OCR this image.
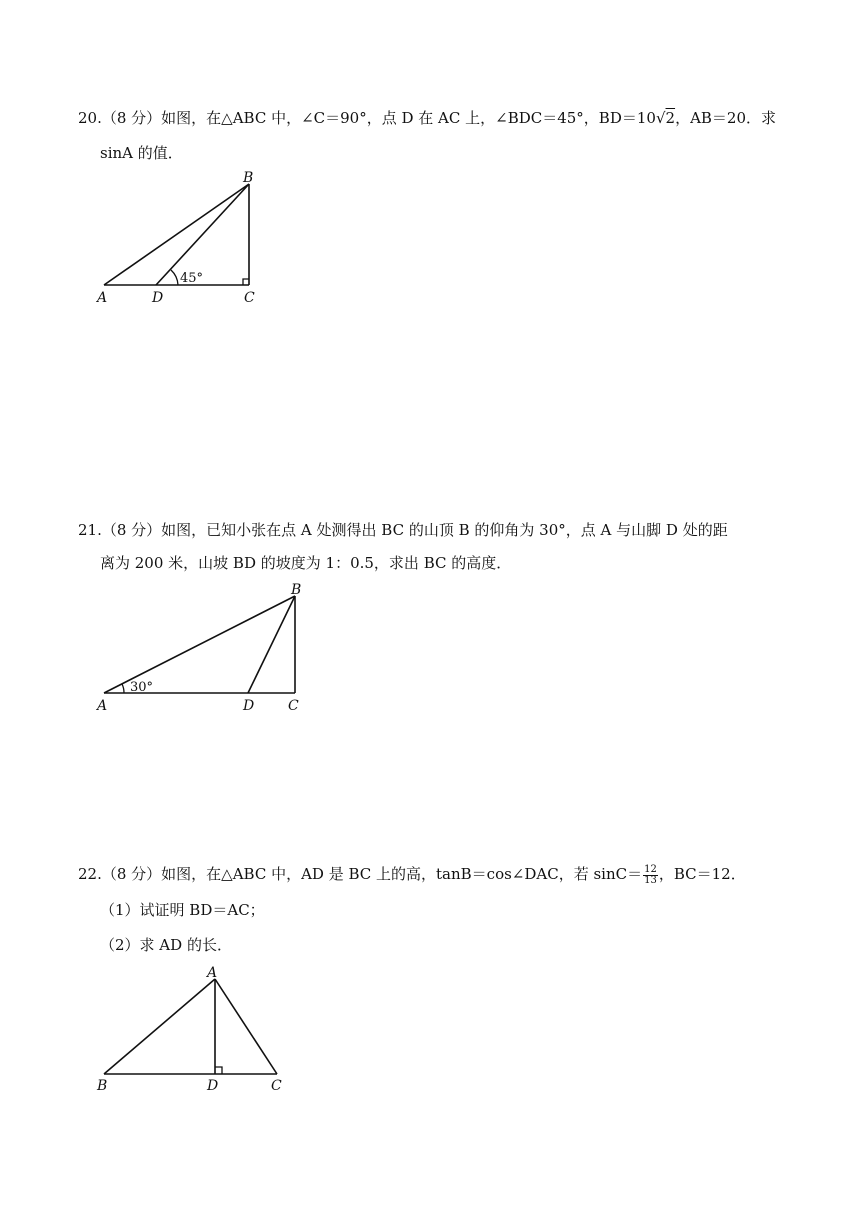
20.（8 分）如图，在△ABC 中，∠C＝90°，点 D 在 AC 上，∠BDC＝45°，BD＝10√2，AB＝20．求
sinA 的值．
A	D	C
B
45°
21.（8 分）如图，已知小张在点 A 处测得出 BC 的山顶 B 的仰角为 30°，点 A 与山脚 D 处的距
离为 200 米，山坡 BD 的坡度为 1：0.5，求出 BC 的高度．
A	D C
B
30°
22.（8 分）如图，在△ABC 中，AD 是 BC 上的高，tanB＝cos∠DAC，若 $\sin C= \frac{12}{13}$ ，BC＝12．
（1）试证明 BD＝AC；
（2）求 AD 的长．
A
B	D	C
